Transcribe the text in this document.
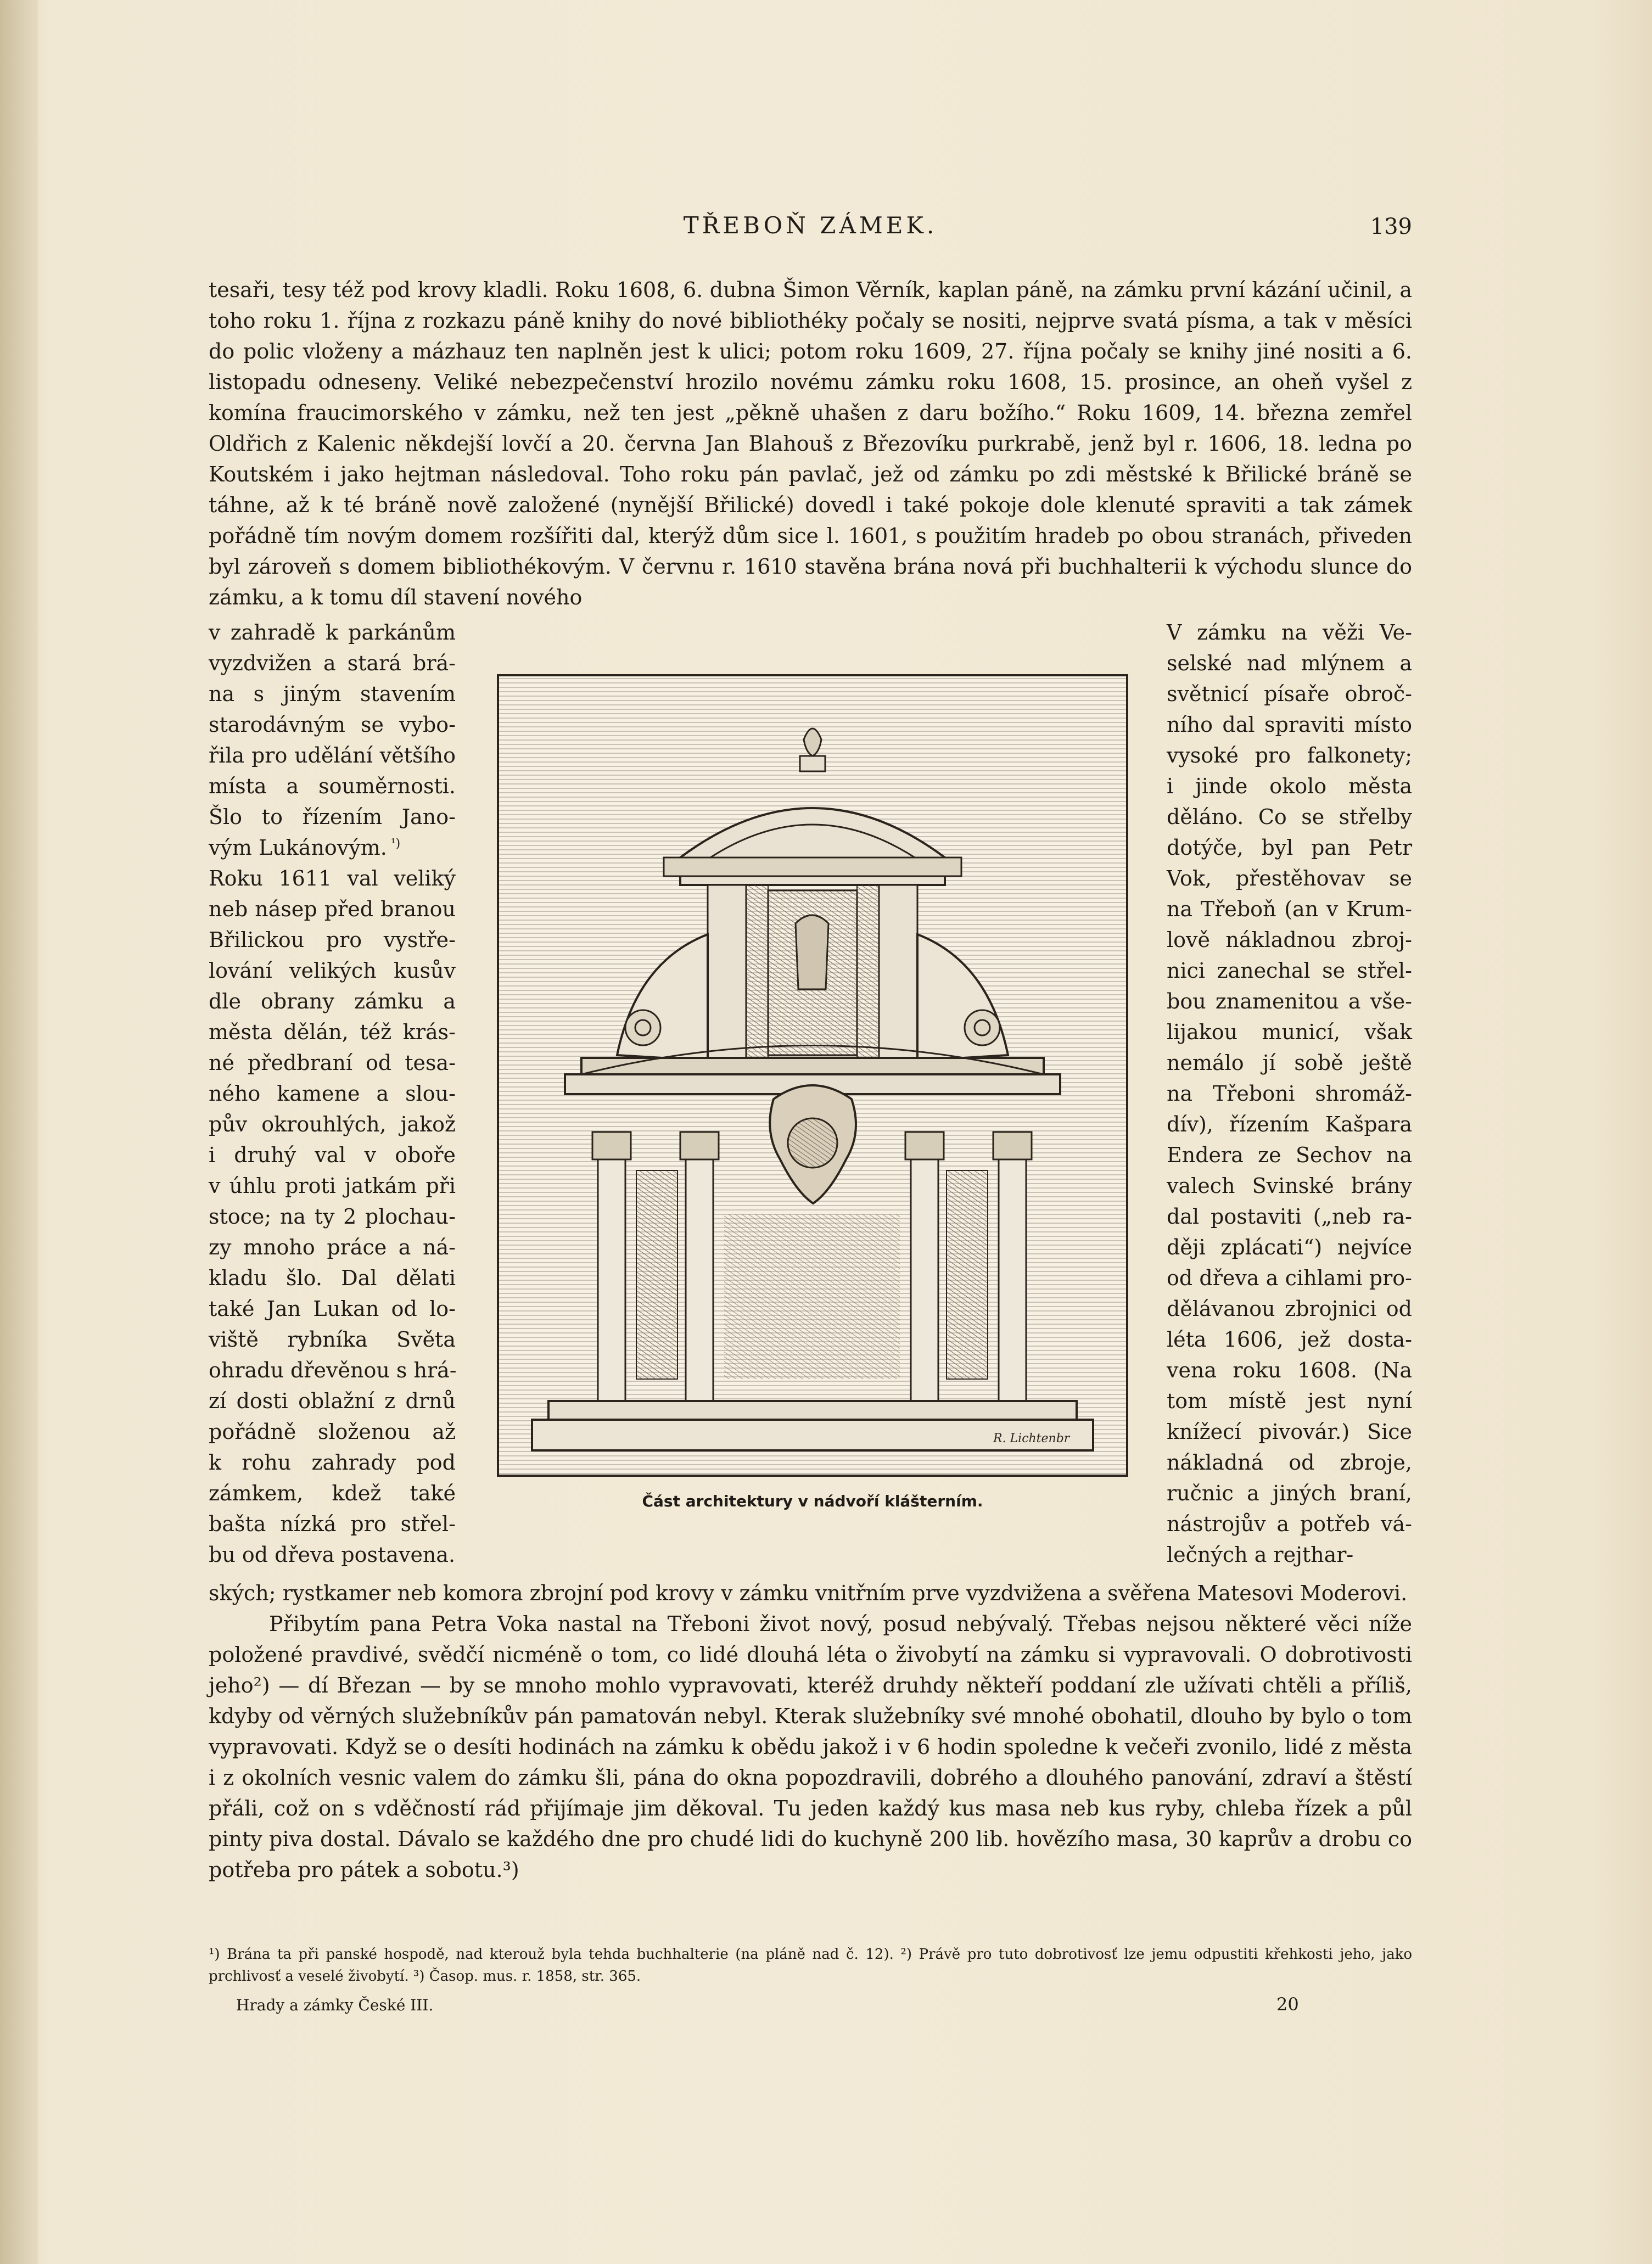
TŘEBOŇ ZÁMEK.	139

tesaři, tesy též pod krovy kladli. Roku 1608, 6. dubna Šimon Věrník, kaplan páně, na zámku první kázání učinil, a toho roku 1. října z rozkazu páně knihy do nové bibliothéky počaly se nositi, nejprve svatá písma, a tak v měsíci do polic vloženy a mázhauz ten naplněn jest k ulici; potom roku 1609, 27. října počaly se knihy jiné nositi a 6. listopadu odneseny. Veliké nebezpečenství hrozilo novému zámku roku 1608, 15. prosince, an oheň vyšel z komína fraucimorského v zámku, než ten jest „pěkně uhašen z daru božího.“ Roku 1609, 14. března zemřel Oldřich z Kalenic někdejší lovčí a 20. června Jan Blahouš z Březovíku purkrabě, jenž byl r. 1606, 18. ledna po Koutském i jako hejtman následoval. Toho roku pán pavlač, jež od zámku po zdi městské k Břilické bráně se táhne, až k té bráně nově založené (nynější Břilické) dovedl i také pokoje dole klenuté spraviti a tak zámek pořádně tím novým domem rozšířiti dal, kterýž dům sice l. 1601, s použitím hradeb po obou stranách, přiveden byl zároveň s domem bibliothékovým. V červnu r. 1610 stavěna brána nová při buchhalterii k východu slunce do zámku, a k tomu díl stavení nového

v zahradě k parkánům
vyzdvižen a stará brá-
na s jiným stavením
starodávným se vybo-
řila pro udělání většího
místa a souměrnosti.
Šlo to řízením Jano-
vým Lukánovým. $^{^1)}$
Roku 1611 val veliký
neb násep před branou
Břilickou pro vystře-
lování velikých kusův
dle obrany zámku a
města dělán, též krás-
né předbraní od tesa-
ného kamene a slou-
pův okrouhlých, jakož
i druhý val v oboře
v úhlu proti jatkám při
stoce; na ty 2 plochau-
zy mnoho práce a ná-
kladu šlo. Dal dělati
také Jan Lukan od lo-
viště rybníka Světa
ohradu dřevěnou s hrá-
zí dosti oblažní z drnů
pořádně složenou až
k rohu zahrady pod
zámkem, kdež také
bašta nízká pro střel-
bu od dřeva postavena.

V zámku na věži Ve-
selské nad mlýnem a
světnicí písaře obroč-
ního dal spraviti místo
vysoké pro falkonety;
i jinde okolo města
děláno. Co se střelby
dotýče, byl pan Petr
Vok, přestěhovav se
na Třeboň (an v Krum-
lově nákladnou zbroj-
nici zanechal se střel-
bou znamenitou a vše-
lijakou municí, však
nemálo jí sobě ještě
na Třeboni shromáž-
dív), řízením Kašpara
Endera ze Sechov na
valech Svinské brány
dal postaviti („neb ra-
ději zplácati“) nejvíce
od dřeva a cihlami pro-
dělávanou zbrojnici od
léta 1606, jež dosta-
vena roku 1608. (Na
tom místě jest nyní
knížecí pivovár.) Sice
nákladná od zbroje,
ručnic a jiných braní,
nástrojův a potřeb vá-
lečných a rejthar-

R. Lichtenbr
Část architektury v nádvoří klášterním.

ských; rystkamer neb komora zbrojní pod krovy v zámku vnitřním prve vyzdvižena a svěřena Matesovi Moderovi.

Přibytím pana Petra Voka nastal na Třeboni život nový, posud nebývalý. Třebas nejsou některé věci níže položené pravdivé, svědčí nicméně o tom, co lidé dlouhá léta o živobytí na zámku si vypravovali. O dobrotivosti jeho²) — dí Březan — by se mnoho mohlo vypravovati, kteréž druhdy někteří poddaní zle užívati chtěli a příliš, kdyby od věrných služebníkův pán pamatován nebyl. Kterak služebníky své mnohé obohatil, dlouho by bylo o tom vypravovati. Když se o desíti hodinách na zámku k obědu jakož i v 6 hodin spoledne k večeři zvonilo, lidé z města i z okolních vesnic valem do zámku šli, pána do okna popozdravili, dobrého a dlouhého panování, zdraví a štěstí přáli, což on s vděčností rád přijímaje jim děkoval. Tu jeden každý kus masa neb kus ryby, chleba řízek a půl pinty piva dostal. Dávalo se každého dne pro chudé lidi do kuchyně 200 lib. hovězího masa, 30 kaprův a drobu co potřeba pro pátek a sobotu.³)

¹) Brána ta při panské hospodě, nad kterouž byla tehda buchhalterie (na pláně nad č. 12). ²) Právě pro tuto dobrotivosť lze jemu odpustiti křehkosti jeho, jako prchlivosť a veselé živobytí. ³) Časop. mus. r. 1858, str. 365.
Hrady a zámky České III.	20
